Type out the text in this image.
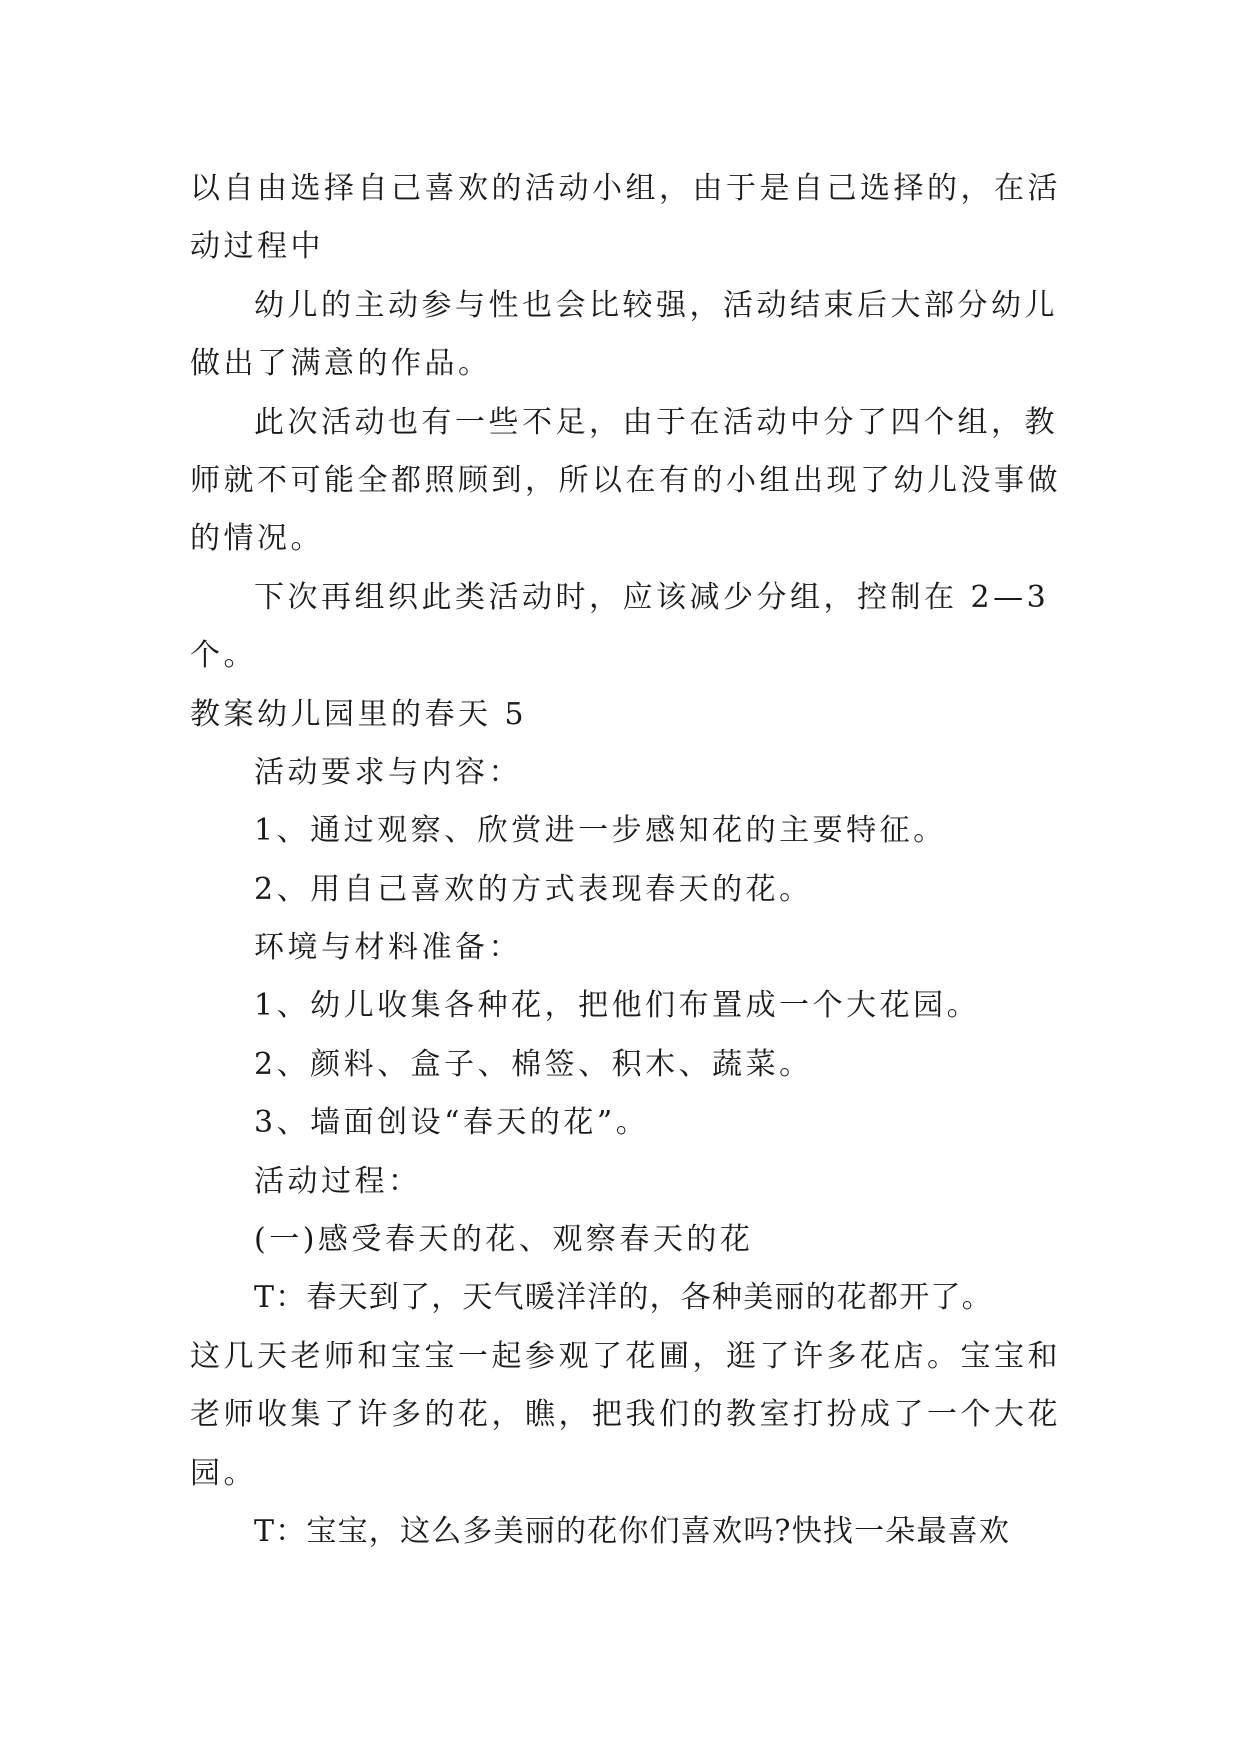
以自由选择自己喜欢的活动小组，由于是自己选择的，在活
动过程中
幼儿的主动参与性也会比较强，活动结束后大部分幼儿
做出了满意的作品。
此次活动也有一些不足，由于在活动中分了四个组，教
师就不可能全都照顾到，所以在有的小组出现了幼儿没事做
的情况。
下次再组织此类活动时，应该减少分组，控制在 2—3
个。
教案幼儿园里的春天 5
活动要求与内容：
1、通过观察、欣赏进一步感知花的主要特征。
2、用自己喜欢的方式表现春天的花。
环境与材料准备：
1、幼儿收集各种花，把他们布置成一个大花园。
2、颜料、盒子、棉签、积木、蔬菜。
3、墙面创设“春天的花”。
活动过程：
(一)感受春天的花、观察春天的花
T：春天到了，天气暖洋洋的，各种美丽的花都开了。
这几天老师和宝宝一起参观了花圃，逛了许多花店。宝宝和
老师收集了许多的花，瞧，把我们的教室打扮成了一个大花
园。
T：宝宝，这么多美丽的花你们喜欢吗?快找一朵最喜欢
